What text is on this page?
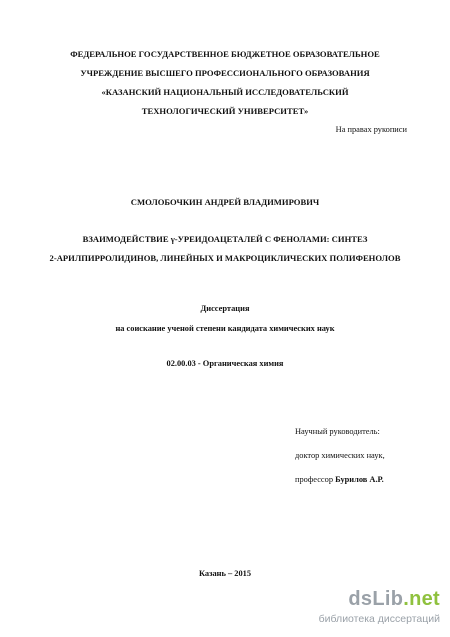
ФЕДЕРАЛЬНОЕ ГОСУДАРСТВЕННОЕ БЮДЖЕТНОЕ ОБРАЗОВАТЕЛЬНОЕ
УЧРЕЖДЕНИЕ ВЫСШЕГО ПРОФЕССИОНАЛЬНОГО ОБРАЗОВАНИЯ
«КАЗАНСКИЙ НАЦИОНАЛЬНЫЙ ИССЛЕДОВАТЕЛЬСКИЙ
ТЕХНОЛОГИЧЕСКИЙ УНИВЕРСИТЕТ»
На правах рукописи
СМОЛОБОЧКИН АНДРЕЙ ВЛАДИМИРОВИЧ
ВЗАИМОДЕЙСТВИЕ γ-УРЕИДОАЦЕТАЛЕЙ С ФЕНОЛАМИ: СИНТЕЗ
2-АРИЛПИРРОЛИДИНОВ, ЛИНЕЙНЫХ И МАКРОЦИКЛИЧЕСКИХ ПОЛИФЕНОЛОВ
Диссертация
на соискание ученой степени кандидата химических наук
02.00.03 - Органическая химия
Научный руководитель:
доктор химических наук,
профессор Бурилов А.Р.
Казань – 2015
dsLib.net
библиотека диссертаций
